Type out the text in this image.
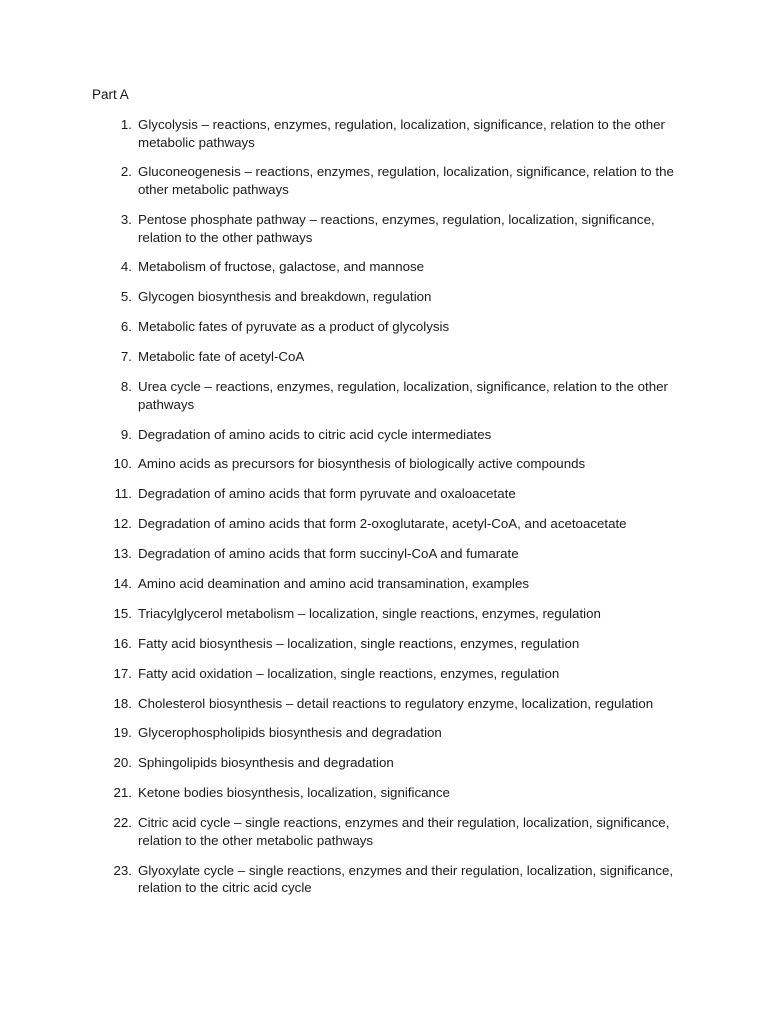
Part A
1. Glycolysis – reactions, enzymes, regulation, localization, significance, relation to the other metabolic pathways
2. Gluconeogenesis – reactions, enzymes, regulation, localization, significance, relation to the other metabolic pathways
3. Pentose phosphate pathway – reactions, enzymes, regulation, localization, significance, relation to the other pathways
4. Metabolism of fructose, galactose, and mannose
5. Glycogen biosynthesis and breakdown, regulation
6. Metabolic fates of pyruvate as a product of glycolysis
7. Metabolic fate of acetyl-CoA
8. Urea cycle – reactions, enzymes, regulation, localization, significance, relation to the other pathways
9. Degradation of amino acids to citric acid cycle intermediates
10. Amino acids as precursors for biosynthesis of biologically active compounds
11. Degradation of amino acids that form pyruvate and oxaloacetate
12. Degradation of amino acids that form 2-oxoglutarate, acetyl-CoA, and acetoacetate
13. Degradation of amino acids that form succinyl-CoA and fumarate
14. Amino acid deamination and amino acid transamination, examples
15. Triacylglycerol metabolism – localization, single reactions, enzymes, regulation
16. Fatty acid biosynthesis – localization, single reactions, enzymes, regulation
17. Fatty acid oxidation – localization, single reactions, enzymes, regulation
18. Cholesterol biosynthesis – detail reactions to regulatory enzyme, localization, regulation
19. Glycerophospholipids biosynthesis and degradation
20. Sphingolipids biosynthesis and degradation
21. Ketone bodies biosynthesis, localization, significance
22. Citric acid cycle – single reactions, enzymes and their regulation, localization, significance, relation to the other metabolic pathways
23. Glyoxylate cycle – single reactions, enzymes and their regulation, localization, significance, relation to the citric acid cycle
